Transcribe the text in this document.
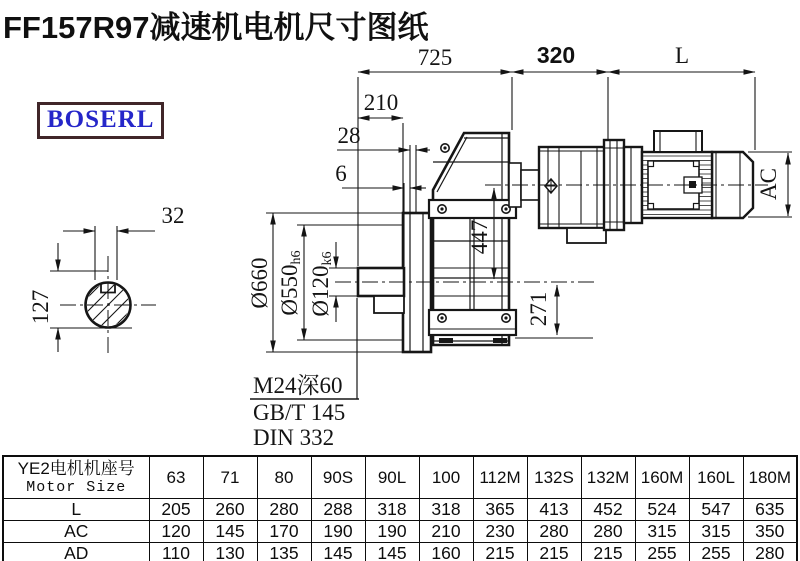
FF157R97减速机电机尺寸图纸
BOSERL
725	320	L
210
28
6
32
127	Ø660 Ø550h6
Ø120k6
447
271
AC
M24深60
GB/T 145
DIN 332
YE2电机机座号
Motor Size	63	71	80	90S	90L	100	112M	132S	132M	160M	160L	180M
L	205	260	280	288	318	318	365	413	452	524	547	635
AC	120	145	170	190	190	210	230	280	280	315	315	350
AD	110	130	135	145	145	160	215	215	215	255	255	280
